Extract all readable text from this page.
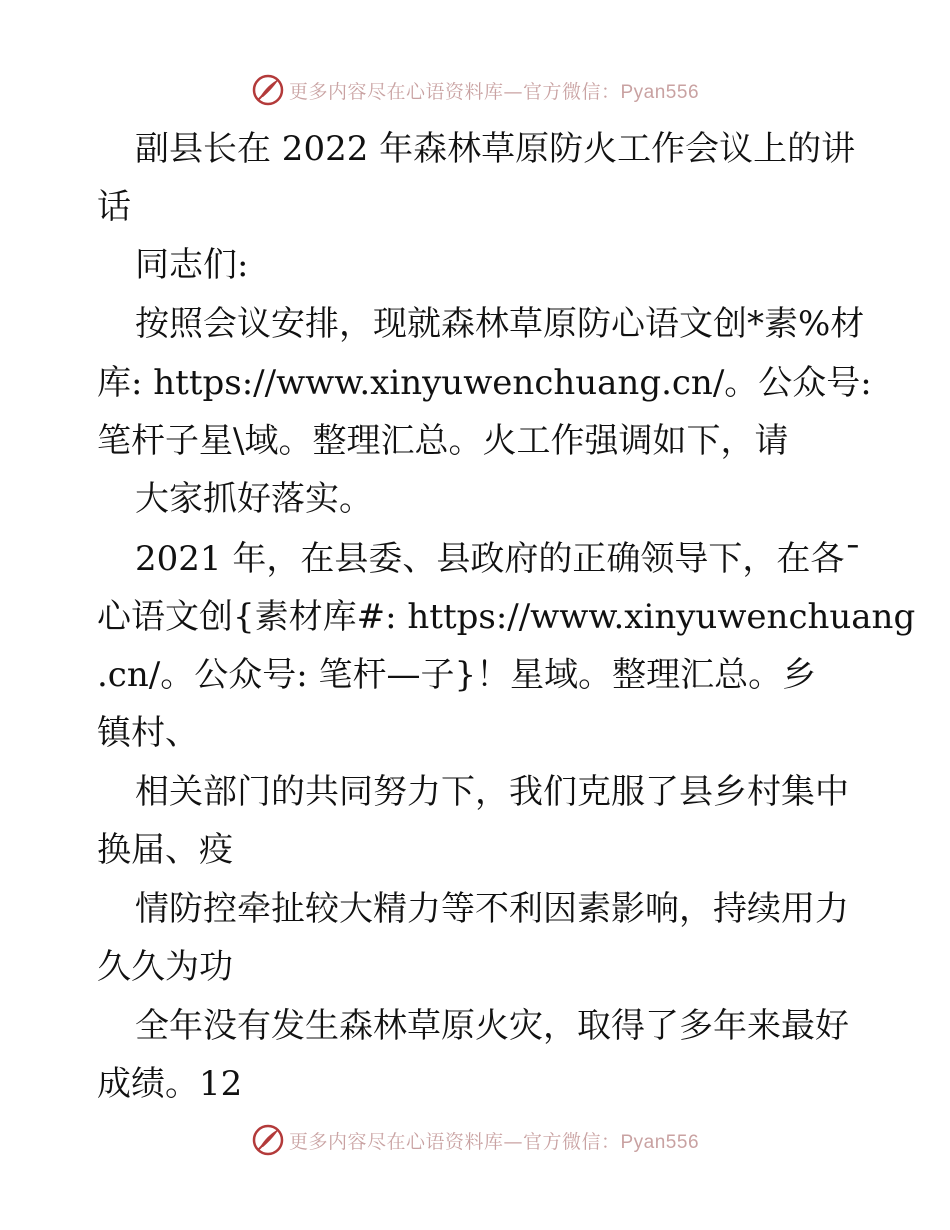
更多内容尽在心语资料库—官方微信：Pyan556
副县长在 2022 年森林草原防火工作会议上的讲
话
同志们:
按照会议安排，现就森林草原防心语文创*素%材
库: https://www.xinyuwenchuang.cn/。公众号:
笔杆子星\域。整理汇总。火工作强调如下，请
大家抓好落实。
2021 年，在县委、县政府的正确领导下，在各¯
心语文创{素材库#: https://www.xinyuwenchuang
.cn/。公众号: 笔杆—子}！星域。整理汇总。乡
镇村、
相关部门的共同努力下，我们克服了县乡村集中
换届、疫
情防控牵扯较大精力等不利因素影响，持续用力
久久为功
全年没有发生森林草原火灾，取得了多年来最好
成绩。12
更多内容尽在心语资料库—官方微信：Pyan556
